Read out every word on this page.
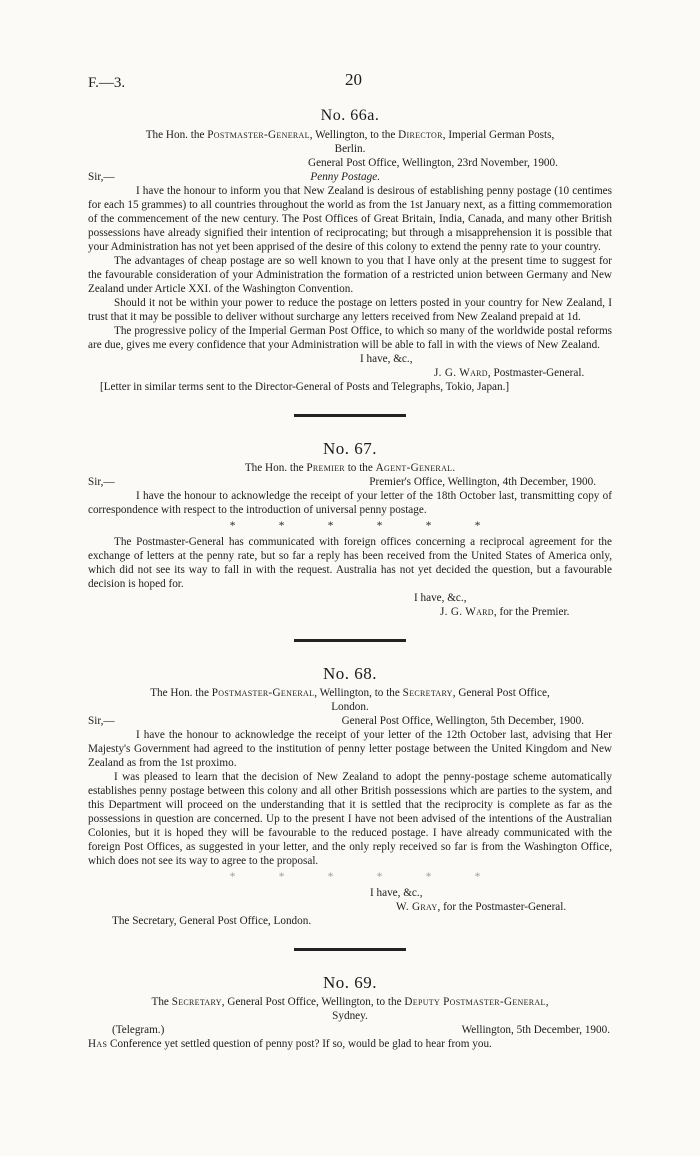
F.—3.	20
No. 66a.
The Hon. the Postmaster-General, Wellington, to the Director, Imperial German Posts,
Berlin.
General Post Office, Wellington, 23rd November, 1900.
Sir,—	Penny Postage.

I have the honour to inform you that New Zealand is desirous of establishing penny postage (10 centimes for each 15 grammes) to all countries throughout the world as from the 1st January next, as a fitting commemoration of the commencement of the new century. The Post Offices of Great Britain, India, Canada, and many other British possessions have already signified their intention of reciprocating; but through a misapprehension it is possible that your Administration has not yet been apprised of the desire of this colony to extend the penny rate to your country.

The advantages of cheap postage are so well known to you that I have only at the present time to suggest for the favourable consideration of your Administration the formation of a restricted union between Germany and New Zealand under Article XXI. of the Washington Convention.

Should it not be within your power to reduce the postage on letters posted in your country for New Zealand, I trust that it may be possible to deliver without surcharge any letters received from New Zealand prepaid at 1d.

The progressive policy of the Imperial German Post Office, to which so many of the worldwide postal reforms are due, gives me every confidence that your Administration will be able to fall in with the views of New Zealand.

I have, &c.,
J. G. Ward, Postmaster-General.
[Letter in similar terms sent to the Director-General of Posts and Telegraphs, Tokio, Japan.]
No. 67.
The Hon. the Premier to the Agent-General.
Sir,—	Premier's Office, Wellington, 4th December, 1900.

I have the honour to acknowledge the receipt of your letter of the 18th October last, transmitting copy of correspondence with respect to the introduction of universal penny postage.

*	*	*	*	*	*

The Postmaster-General has communicated with foreign offices concerning a reciprocal agreement for the exchange of letters at the penny rate, but so far a reply has been received from the United States of America only, which did not see its way to fall in with the request. Australia has not yet decided the question, but a favourable decision is hoped for.

I have, &c.,
J. G. Ward, for the Premier.
No. 68.
The Hon. the Postmaster-General, Wellington, to the Secretary, General Post Office,
London.
Sir,—	General Post Office, Wellington, 5th December, 1900.

I have the honour to acknowledge the receipt of your letter of the 12th October last, advising that Her Majesty's Government had agreed to the institution of penny letter postage between the United Kingdom and New Zealand as from the 1st proximo.

I was pleased to learn that the decision of New Zealand to adopt the penny-postage scheme automatically establishes penny postage between this colony and all other British possessions which are parties to the system, and this Department will proceed on the understanding that it is settled that the reciprocity is complete as far as the possessions in question are concerned. Up to the present I have not been advised of the intentions of the Australian Colonies, but it is hoped they will be favourable to the reduced postage. I have already communicated with the foreign Post Offices, as suggested in your letter, and the only reply received so far is from the Washington Office, which does not see its way to agree to the proposal.

*	*	*	*	*	*
I have, &c.,
W. Gray, for the Postmaster-General.
The Secretary, General Post Office, London.
No. 69.
The Secretary, General Post Office, Wellington, to the Deputy Postmaster-General,
Sydney.
(Telegram.)	Wellington, 5th December, 1900.

Has Conference yet settled question of penny post? If so, would be glad to hear from you.
